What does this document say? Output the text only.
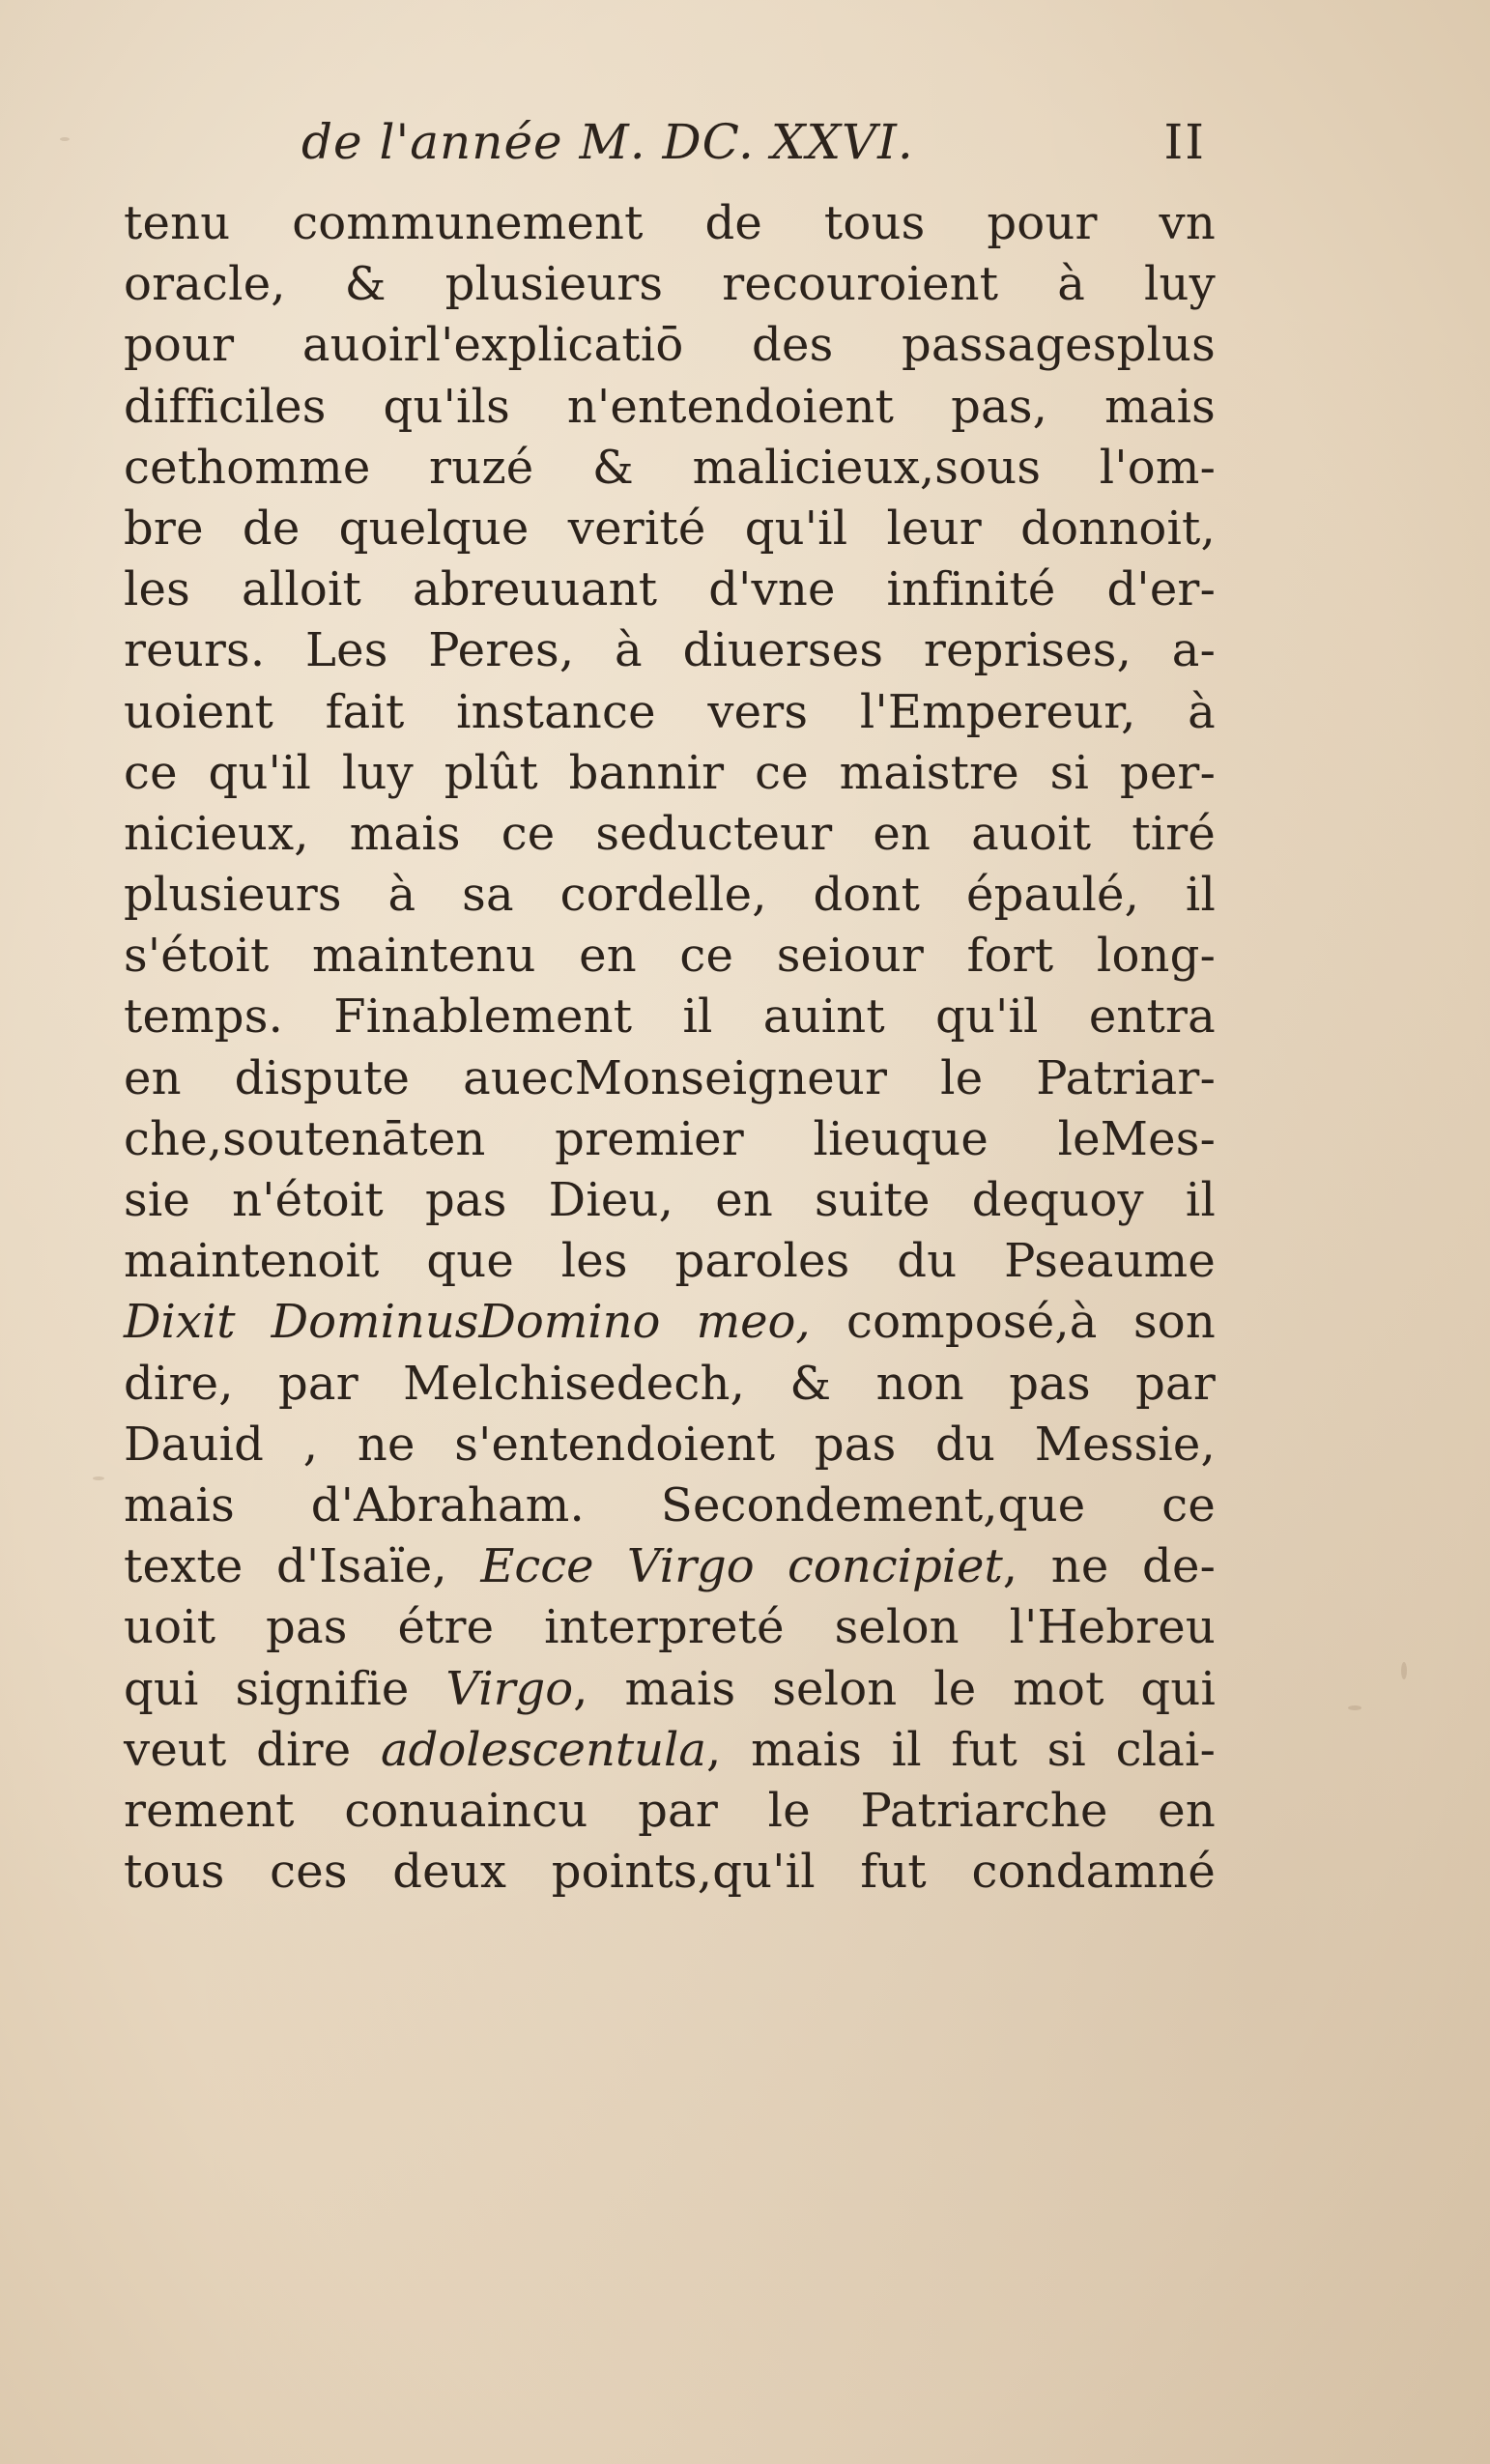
de l'année M. DC. XXVI.	II
tenu communement de tous pour vn
oracle, & plusieurs recouroient à luy
pour auoirl'explicatiō des passagesplus
difficiles qu'ils n'entendoient pas, mais
cethomme ruzé & malicieux,sous l'om-
bre de quelque verité qu'il leur donnoit,
les alloit abreuuant d'vne infinité d'er-
reurs. Les Peres, à diuerses reprises, a-
uoient fait instance vers l'Empereur, à
ce qu'il luy plût bannir ce maistre si per-
nicieux, mais ce seducteur en auoit tiré
plusieurs à sa cordelle, dont épaulé, il
s'étoit maintenu en ce seiour fort long-
temps. Finablement il auint qu'il entra
en dispute auecMonseigneur le Patriar-
che,soutenāten premier lieuque leMes-
sie n'étoit pas Dieu, en suite dequoy il
maintenoit que les paroles du Pseaume
Dixit DominusDomino meo, composé,à son
dire, par Melchisedech, & non pas par
Dauid , ne s'entendoient pas du Messie,
mais d'Abraham. Secondement,que ce
texte d'Isaïe, Ecce Virgo concipiet, ne de-
uoit pas étre interpreté selon l'Hebreu
qui signifie Virgo, mais selon le mot qui
veut dire adolescentula, mais il fut si clai-
rement conuaincu par le Patriarche en
tous ces deux points,qu'il fut condamné
